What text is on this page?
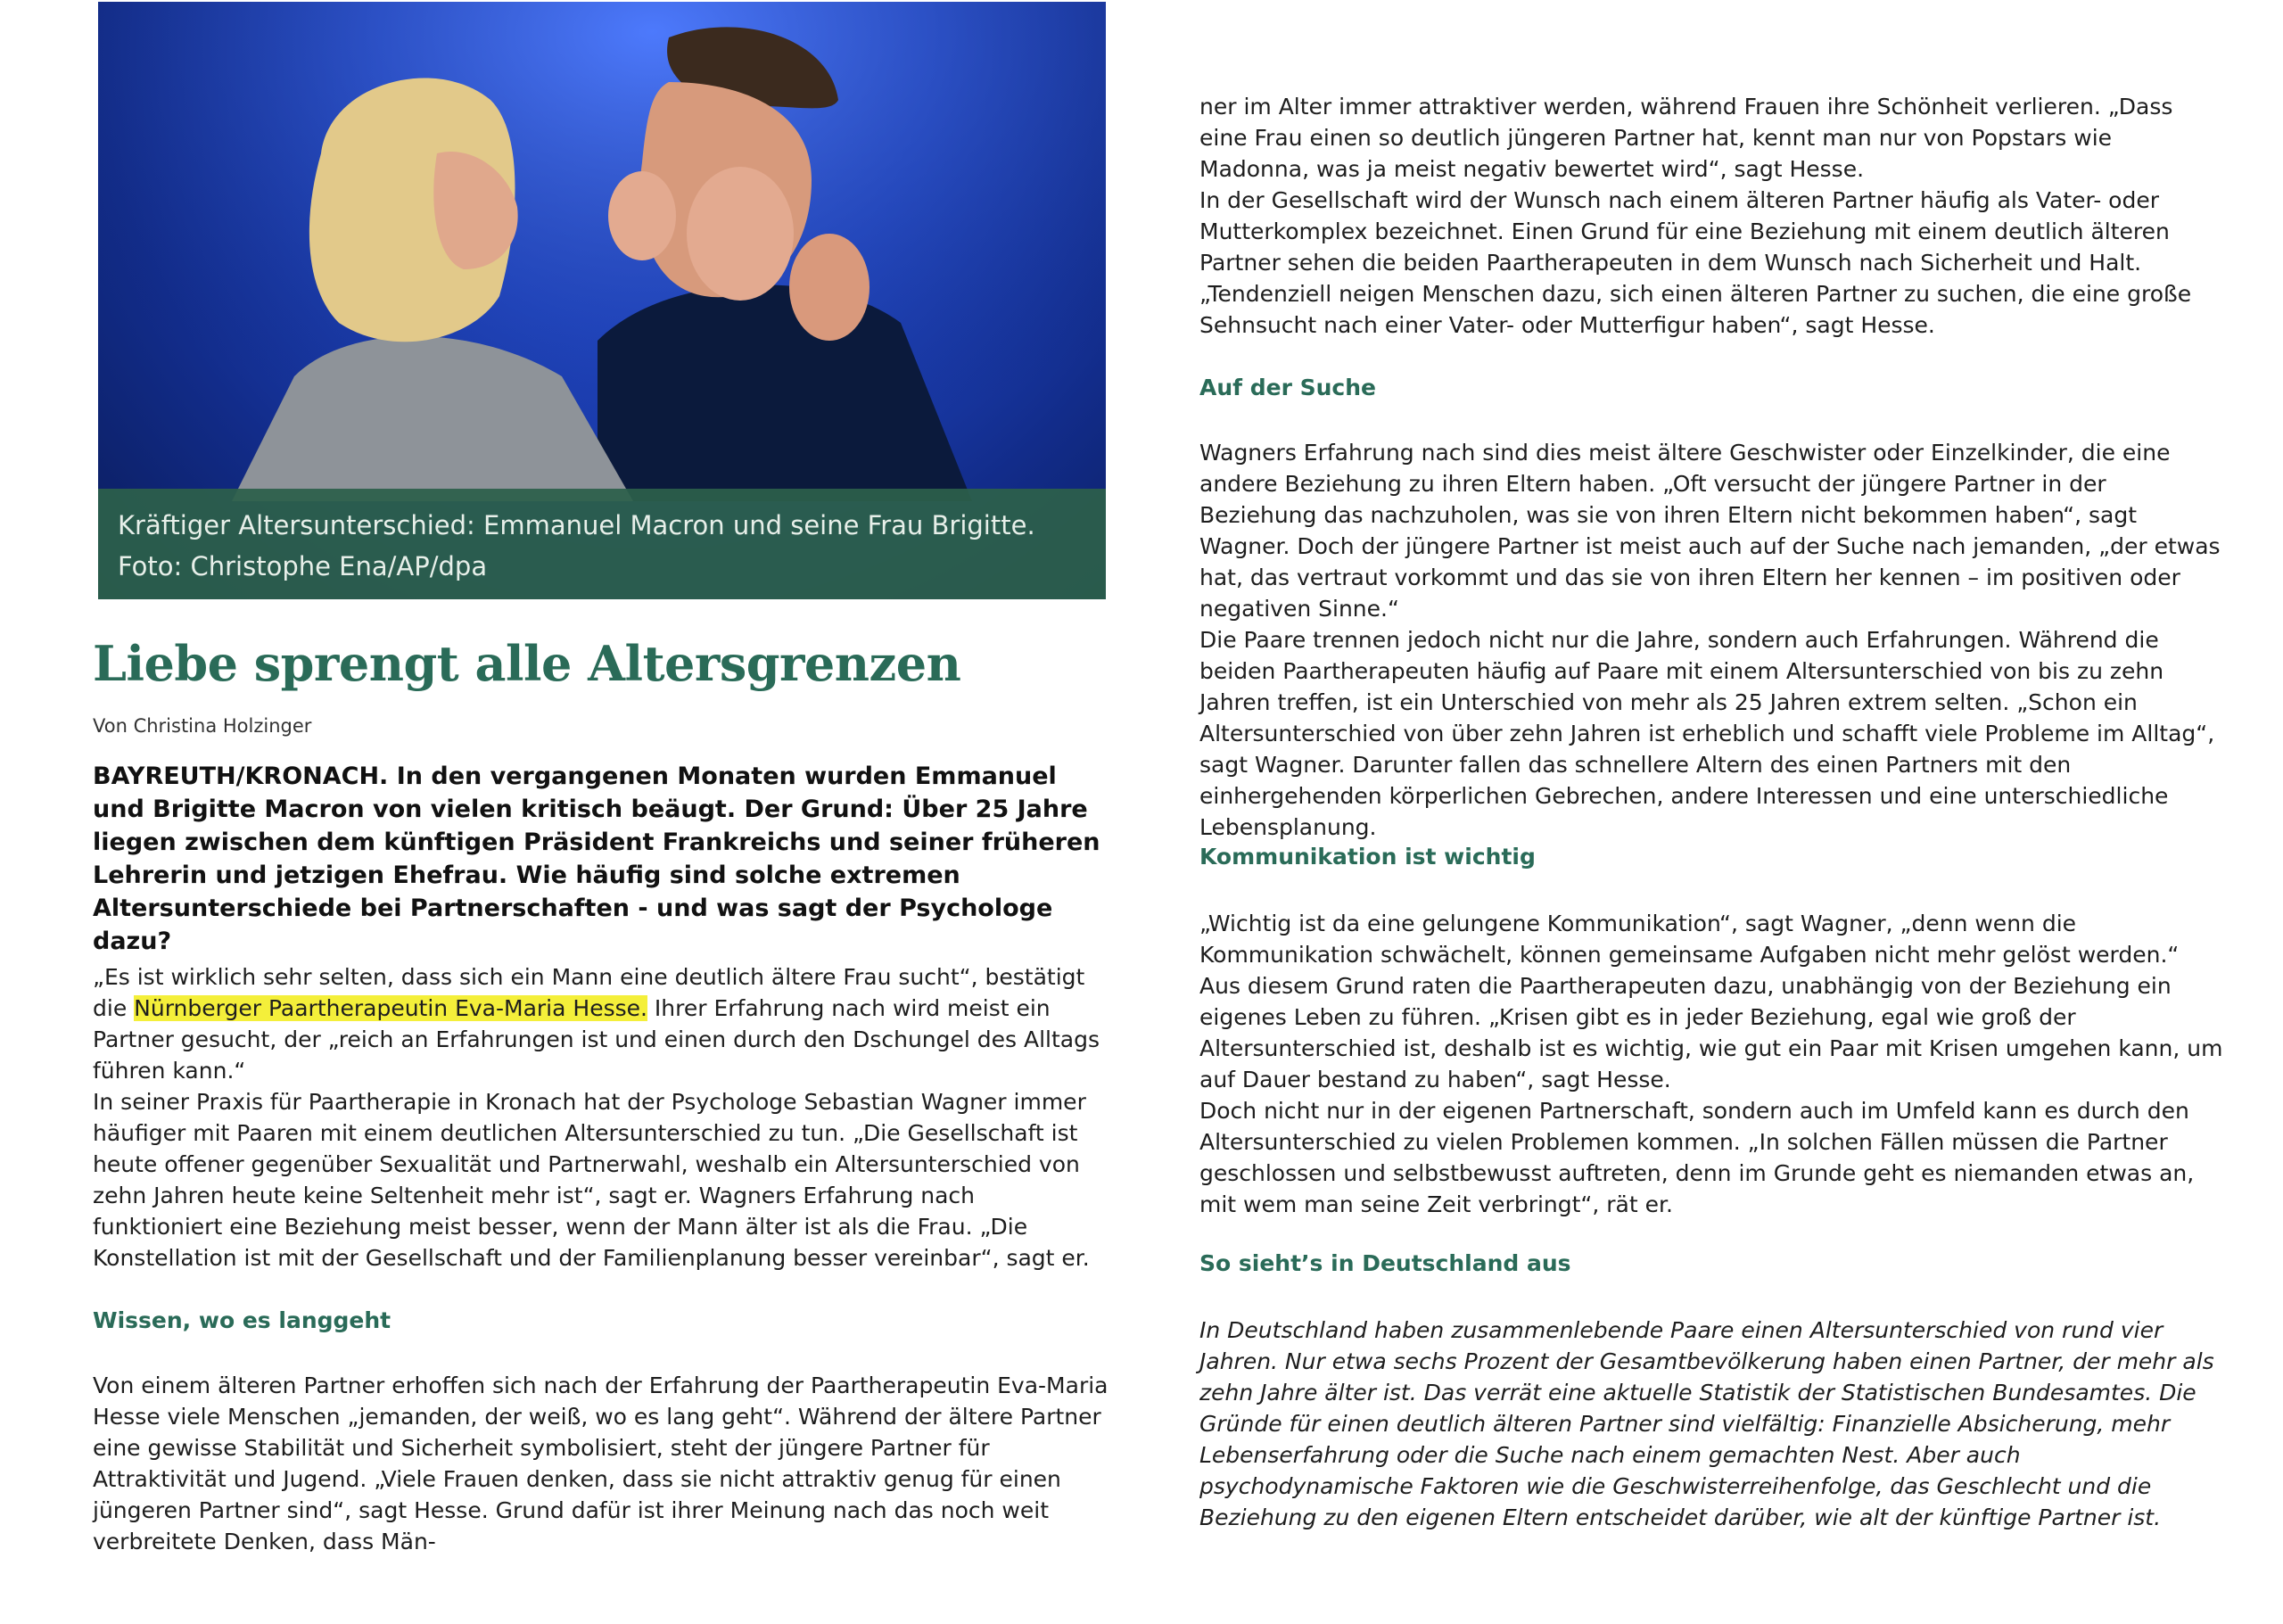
Kräftiger Altersunterschied: Emmanuel Macron und seine Frau Brigitte. Foto: Christophe Ena/AP/dpa
Liebe sprengt alle Altersgrenzen
Von Christina Holzinger
BAYREUTH/KRONACH. In den vergangenen Monaten wurden Emmanuel und Brigitte Macron von vielen kritisch beäugt. Der Grund: Über 25 Jahre liegen zwischen dem künftigen Präsident Frankreichs und seiner früheren Lehrerin und jetzigen Ehefrau. Wie häufig sind solche extremen Altersunterschiede bei Partnerschaften - und was sagt der Psychologe dazu?

„Es ist wirklich sehr selten, dass sich ein Mann eine deutlich ältere Frau sucht“, bestätigt die Nürnberger Paartherapeutin Eva-Maria Hesse. Ihrer Erfahrung nach wird meist ein Partner gesucht, der „reich an Erfahrungen ist und einen durch den Dschungel des Alltags führen kann.“

In seiner Praxis für Paartherapie in Kronach hat der Psychologe Sebastian Wagner immer häufiger mit Paaren mit einem deutlichen Altersunterschied zu tun. „Die Gesellschaft ist heute offener gegenüber Sexualität und Partnerwahl, weshalb ein Altersunterschied von zehn Jahren heute keine Seltenheit mehr ist“, sagt er. Wagners Erfahrung nach funktioniert eine Beziehung meist besser, wenn der Mann älter ist als die Frau. „Die Konstellation ist mit der Gesellschaft und der Familienplanung besser vereinbar“, sagt er.

Wissen, wo es langgeht

Von einem älteren Partner erhoffen sich nach der Erfahrung der Paartherapeutin Eva-Maria Hesse viele Menschen „jemanden, der weiß, wo es lang geht“. Während der ältere Partner eine gewisse Stabilität und Sicherheit symbolisiert, steht der jüngere Partner für Attraktivität und Jugend. „Viele Frauen denken, dass sie nicht attraktiv genug für einen jüngeren Partner sind“, sagt Hesse. Grund dafür ist ihrer Meinung nach das noch weit verbreitete Denken, dass Män-

ner im Alter immer attraktiver werden, während Frauen ihre Schönheit verlieren. „Dass eine Frau einen so deutlich jüngeren Partner hat, kennt man nur von Popstars wie Madonna, was ja meist negativ bewertet wird“, sagt Hesse.

In der Gesellschaft wird der Wunsch nach einem älteren Partner häufig als Vater- oder Mutterkomplex bezeichnet. Einen Grund für eine Beziehung mit einem deutlich älteren Partner sehen die beiden Paartherapeuten in dem Wunsch nach Sicherheit und Halt. „Tendenziell neigen Menschen dazu, sich einen älteren Partner zu suchen, die eine große Sehnsucht nach einer Vater- oder Mutterfigur haben“, sagt Hesse.

Auf der Suche

Wagners Erfahrung nach sind dies meist ältere Geschwister oder Einzelkinder, die eine andere Beziehung zu ihren Eltern haben. „Oft versucht der jüngere Partner in der Beziehung das nachzuholen, was sie von ihren Eltern nicht bekommen haben“, sagt Wagner. Doch der jüngere Partner ist meist auch auf der Suche nach jemanden, „der etwas hat, das vertraut vorkommt und das sie von ihren Eltern her kennen – im positiven oder negativen Sinne.“

Die Paare trennen jedoch nicht nur die Jahre, sondern auch Erfahrungen. Während die beiden Paartherapeuten häufig auf Paare mit einem Altersunterschied von bis zu zehn Jahren treffen, ist ein Unterschied von mehr als 25 Jahren extrem selten. „Schon ein Altersunterschied von über zehn Jahren ist erheblich und schafft viele Probleme im Alltag“, sagt Wagner. Darunter fallen das schnellere Altern des einen Partners mit den einhergehenden körperlichen Gebrechen, andere Interessen und eine unterschiedliche Lebensplanung.

Kommunikation ist wichtig

„Wichtig ist da eine gelungene Kommunikation“, sagt Wagner, „denn wenn die Kommunikation schwächelt, können gemeinsame Aufgaben nicht mehr gelöst werden.“ Aus diesem Grund raten die Paartherapeuten dazu, unabhängig von der Beziehung ein eigenes Leben zu führen. „Krisen gibt es in jeder Beziehung, egal wie groß der Altersunterschied ist, deshalb ist es wichtig, wie gut ein Paar mit Krisen umgehen kann, um auf Dauer bestand zu haben“, sagt Hesse.

Doch nicht nur in der eigenen Partnerschaft, sondern auch im Umfeld kann es durch den Altersunterschied zu vielen Problemen kommen. „In solchen Fällen müssen die Partner geschlossen und selbstbewusst auftreten, denn im Grunde geht es niemanden etwas an, mit wem man seine Zeit verbringt“, rät er.

So sieht’s in Deutschland aus

In Deutschland haben zusammenlebende Paare einen Altersunterschied von rund vier Jahren. Nur etwa sechs Prozent der Gesamtbevölkerung haben einen Partner, der mehr als zehn Jahre älter ist. Das verrät eine aktuelle Statistik der Statistischen Bundesamtes. Die Gründe für einen deutlich älteren Partner sind vielfältig: Finanzielle Absicherung, mehr Lebenserfahrung oder die Suche nach einem gemachten Nest. Aber auch psychodynamische Faktoren wie die Geschwisterreihenfolge, das Geschlecht und die Beziehung zu den eigenen Eltern entscheidet darüber, wie alt der künftige Partner ist.
